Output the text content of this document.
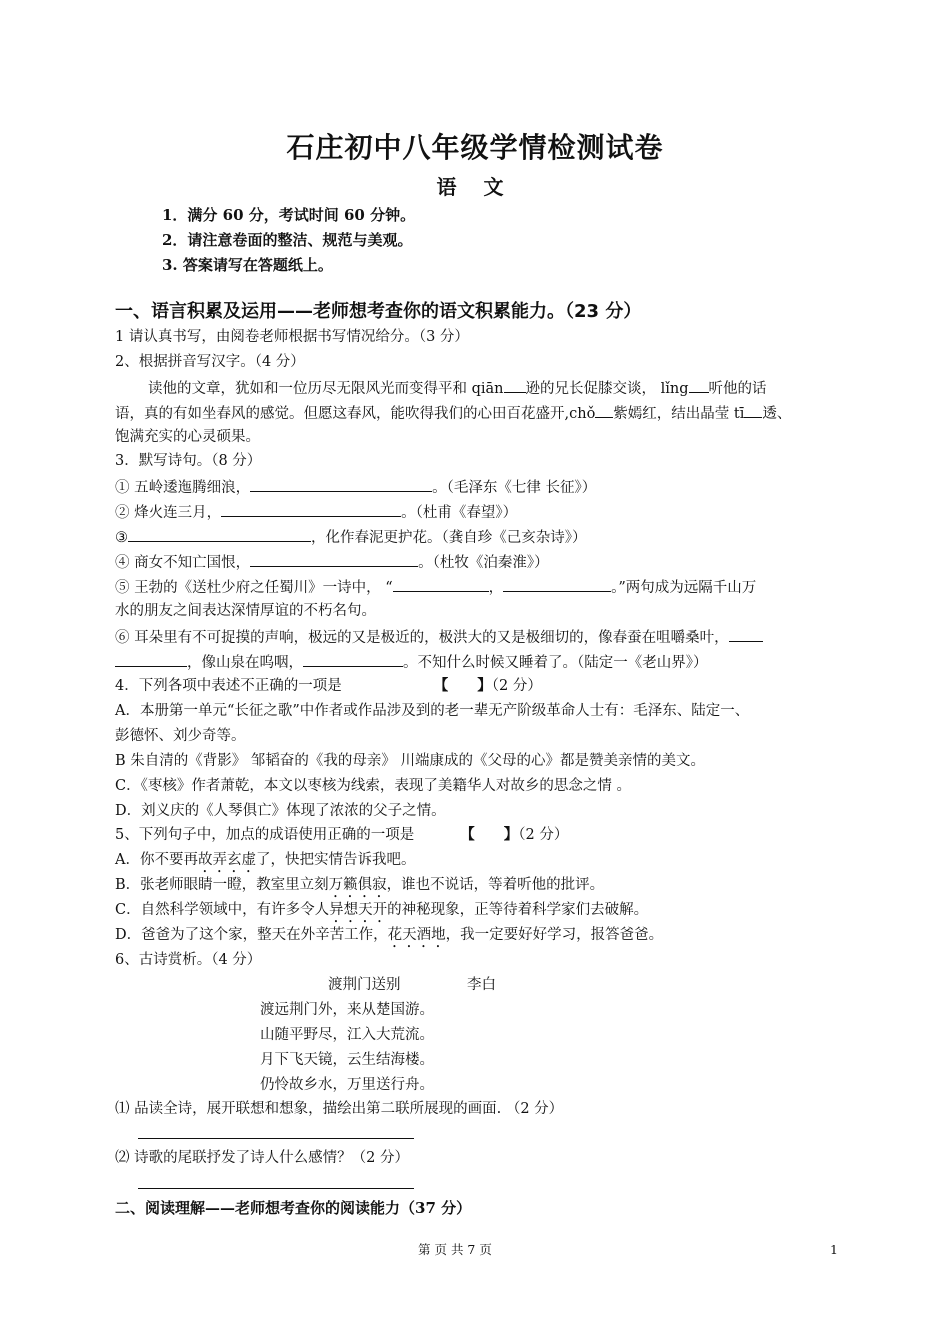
石庄初中八年级学情检测试卷
语 文
1．满分 60 分，考试时间 60 分钟。
2．请注意卷面的整洁、规范与美观。
3. 答案请写在答题纸上。
一、语言积累及运用——老师想考查你的语文积累能力。（23 分）
1 请认真书写，由阅卷老师根据书写情况给分。（3 分）
2、根据拼音写汉字。（4 分）
读他的文章，犹如和一位历尽无限风光而变得平和 qiān 逊的兄长促膝交谈， lǐng 听他的话
语，真的有如坐春风的感觉。但愿这春风，能吹得我们的心田百花盛开,chǒ 紫嫣红，结出晶莹 tī 透、
饱满充实的心灵硕果。
3．默写诗句。（8 分）
① 五岭逶迤腾细浪，	。（毛泽东《七律 长征》）
② 烽火连三月，	。（杜甫《春望》）
③	，化作春泥更护花。（龚自珍《己亥杂诗》）
④ 商女不知亡国恨，	。（杜牧《泊秦淮》）
⑤ 王勃的《送杜少府之任蜀川》一诗中， “	，	。”两句成为远隔千山万
水的朋友之间表达深情厚谊的不朽名句。
⑥ 耳朵里有不可捉摸的声响，极远的又是极近的，极洪大的又是极细切的，像春蚕在咀嚼桑叶，
，像山泉在呜咽，	。不知什么时候又睡着了。（陆定一《老山界》）
4．下列各项中表述不正确的一项是	【　　】（2 分）
A．本册第一单元“长征之歌”中作者或作品涉及到的老一辈无产阶级革命人士有：毛泽东、陆定一、
彭德怀、刘少奇等。
B 朱自清的《背影》 邹韬奋的《我的母亲》 川端康成的《父母的心》都是赞美亲情的美文。
C．《枣核》作者萧乾，本文以枣核为线索，表现了美籍华人对故乡的思念之情 。
D．刘义庆的《人琴俱亡》体现了浓浓的父子之情。
5、下列句子中，加点的成语使用正确的一项是	【　　】（2 分）
A．你不要再故弄玄虚了，快把实情告诉我吧。
B．张老师眼睛一瞪，教室里立刻万籁俱寂，谁也不说话，等着听他的批评。
C．自然科学领域中，有许多令人异想天开的神秘现象，正等待着科学家们去破解。
D．爸爸为了这个家，整天在外辛苦工作，花天酒地，我一定要好好学习，报答爸爸。
6、古诗赏析。（4 分）
渡荆门送别	李白
渡远荆门外，来从楚国游。
山随平野尽，江入大荒流。
月下飞天镜，云生结海楼。
仍怜故乡水，万里送行舟。
⑴ 品读全诗，展开联想和想象，描绘出第二联所展现的画面. （2 分）
⑵ 诗歌的尾联抒发了诗人什么感情？（2 分）
二、阅读理解——老师想考查你的阅读能力（37 分）
第 页 共 7 页	1
